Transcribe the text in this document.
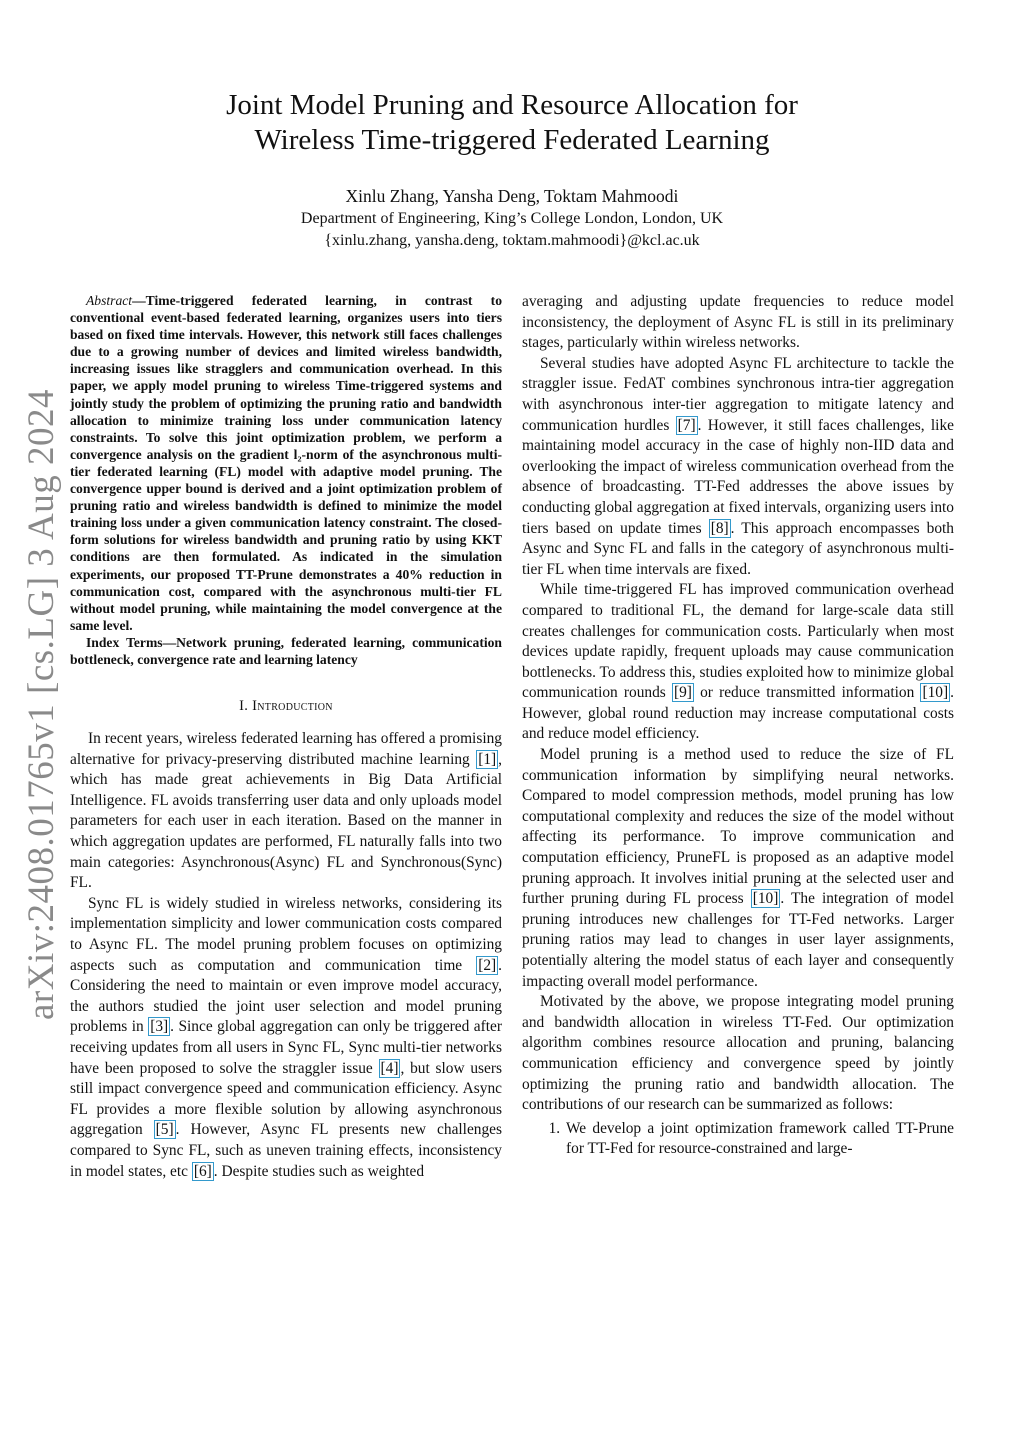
arXiv:2408.01765v1 [cs.LG] 3 Aug 2024
Joint Model Pruning and Resource Allocation for
Wireless Time-triggered Federated Learning
Xinlu Zhang, Yansha Deng, Toktam Mahmoodi
Department of Engineering, King’s College London, London, UK
{xinlu.zhang, yansha.deng, toktam.mahmoodi}@kcl.ac.uk

Abstract—Time-triggered federated learning, in contrast to conventional event-based federated learning, organizes users into tiers based on fixed time intervals. However, this network still faces challenges due to a growing number of devices and limited wireless bandwidth, increasing issues like stragglers and communication overhead. In this paper, we apply model pruning to wireless Time-triggered systems and jointly study the problem of optimizing the pruning ratio and bandwidth allocation to minimize training loss under communication latency constraints. To solve this joint optimization problem, we perform a convergence analysis on the gradient l₂-norm of the asynchronous multi-tier federated learning (FL) model with adaptive model pruning. The convergence upper bound is derived and a joint optimization problem of pruning ratio and wireless bandwidth is defined to minimize the model training loss under a given communication latency constraint. The closed-form solutions for wireless bandwidth and pruning ratio by using KKT conditions are then formulated. As indicated in the simulation experiments, our proposed TT-Prune demonstrates a 40% reduction in communication cost, compared with the asynchronous multi-tier FL without model pruning, while maintaining the model convergence at the same level.

Index Terms—Network pruning, federated learning, communication bottleneck, convergence rate and learning latency

I. Introduction

In recent years, wireless federated learning has offered a promising alternative for privacy-preserving distributed machine learning [1] , which has made great achievements in Big Data Artificial Intelligence. FL avoids transferring user data and only uploads model parameters for each user in each iteration. Based on the manner in which aggregation updates are performed, FL naturally falls into two main categories: Asynchronous(Async) FL and Synchronous(Sync) FL.

Sync FL is widely studied in wireless networks, considering its implementation simplicity and lower communication costs compared to Async FL. The model pruning problem focuses on optimizing aspects such as computation and communication time [2] . Considering the need to maintain or even improve model accuracy, the authors studied the joint user selection and model pruning problems in [3] . Since global aggregation can only be triggered after receiving updates from all users in Sync FL, Sync multi-tier networks have been proposed to solve the straggler issue [4] , but slow users still impact convergence speed and communication efficiency. Async FL provides a more flexible solution by allowing asynchronous aggregation [5] . However, Async FL presents new challenges compared to Sync FL, such as uneven training effects, inconsistency in model states, etc [6] . Despite studies such as weighted

averaging and adjusting update frequencies to reduce model inconsistency, the deployment of Async FL is still in its preliminary stages, particularly within wireless networks.

Several studies have adopted Async FL architecture to tackle the straggler issue. FedAT combines synchronous intra-tier aggregation with asynchronous inter-tier aggregation to mitigate latency and communication hurdles [7] . However, it still faces challenges, like maintaining model accuracy in the case of highly non-IID data and overlooking the impact of wireless communication overhead from the absence of broadcasting. TT-Fed addresses the above issues by conducting global aggregation at fixed intervals, organizing users into tiers based on update times [8] . This approach encompasses both Async and Sync FL and falls in the category of asynchronous multi-tier FL when time intervals are fixed.

While time-triggered FL has improved communication overhead compared to traditional FL, the demand for large-scale data still creates challenges for communication costs. Particularly when most devices update rapidly, frequent uploads may cause communication bottlenecks. To address this, studies exploited how to minimize global communication rounds [9] or reduce transmitted information [10] . However, global round reduction may increase computational costs and reduce model efficiency.

Model pruning is a method used to reduce the size of FL communication information by simplifying neural networks. Compared to model compression methods, model pruning has low computational complexity and reduces the size of the model without affecting its performance. To improve communication and computation efficiency, PruneFL is proposed as an adaptive model pruning approach. It involves initial pruning at the selected user and further pruning during FL process [10] . The integration of model pruning introduces new challenges for TT-Fed networks. Larger pruning ratios may lead to changes in user layer assignments, potentially altering the model status of each layer and consequently impacting overall model performance.

Motivated by the above, we propose integrating model pruning and bandwidth allocation in wireless TT-Fed. Our optimization algorithm combines resource allocation and pruning, balancing communication efficiency and convergence speed by jointly optimizing the pruning ratio and bandwidth allocation. The contributions of our research can be summarized as follows:

1. We develop a joint optimization framework called TT-Prune for TT-Fed for resource-constrained and large-
